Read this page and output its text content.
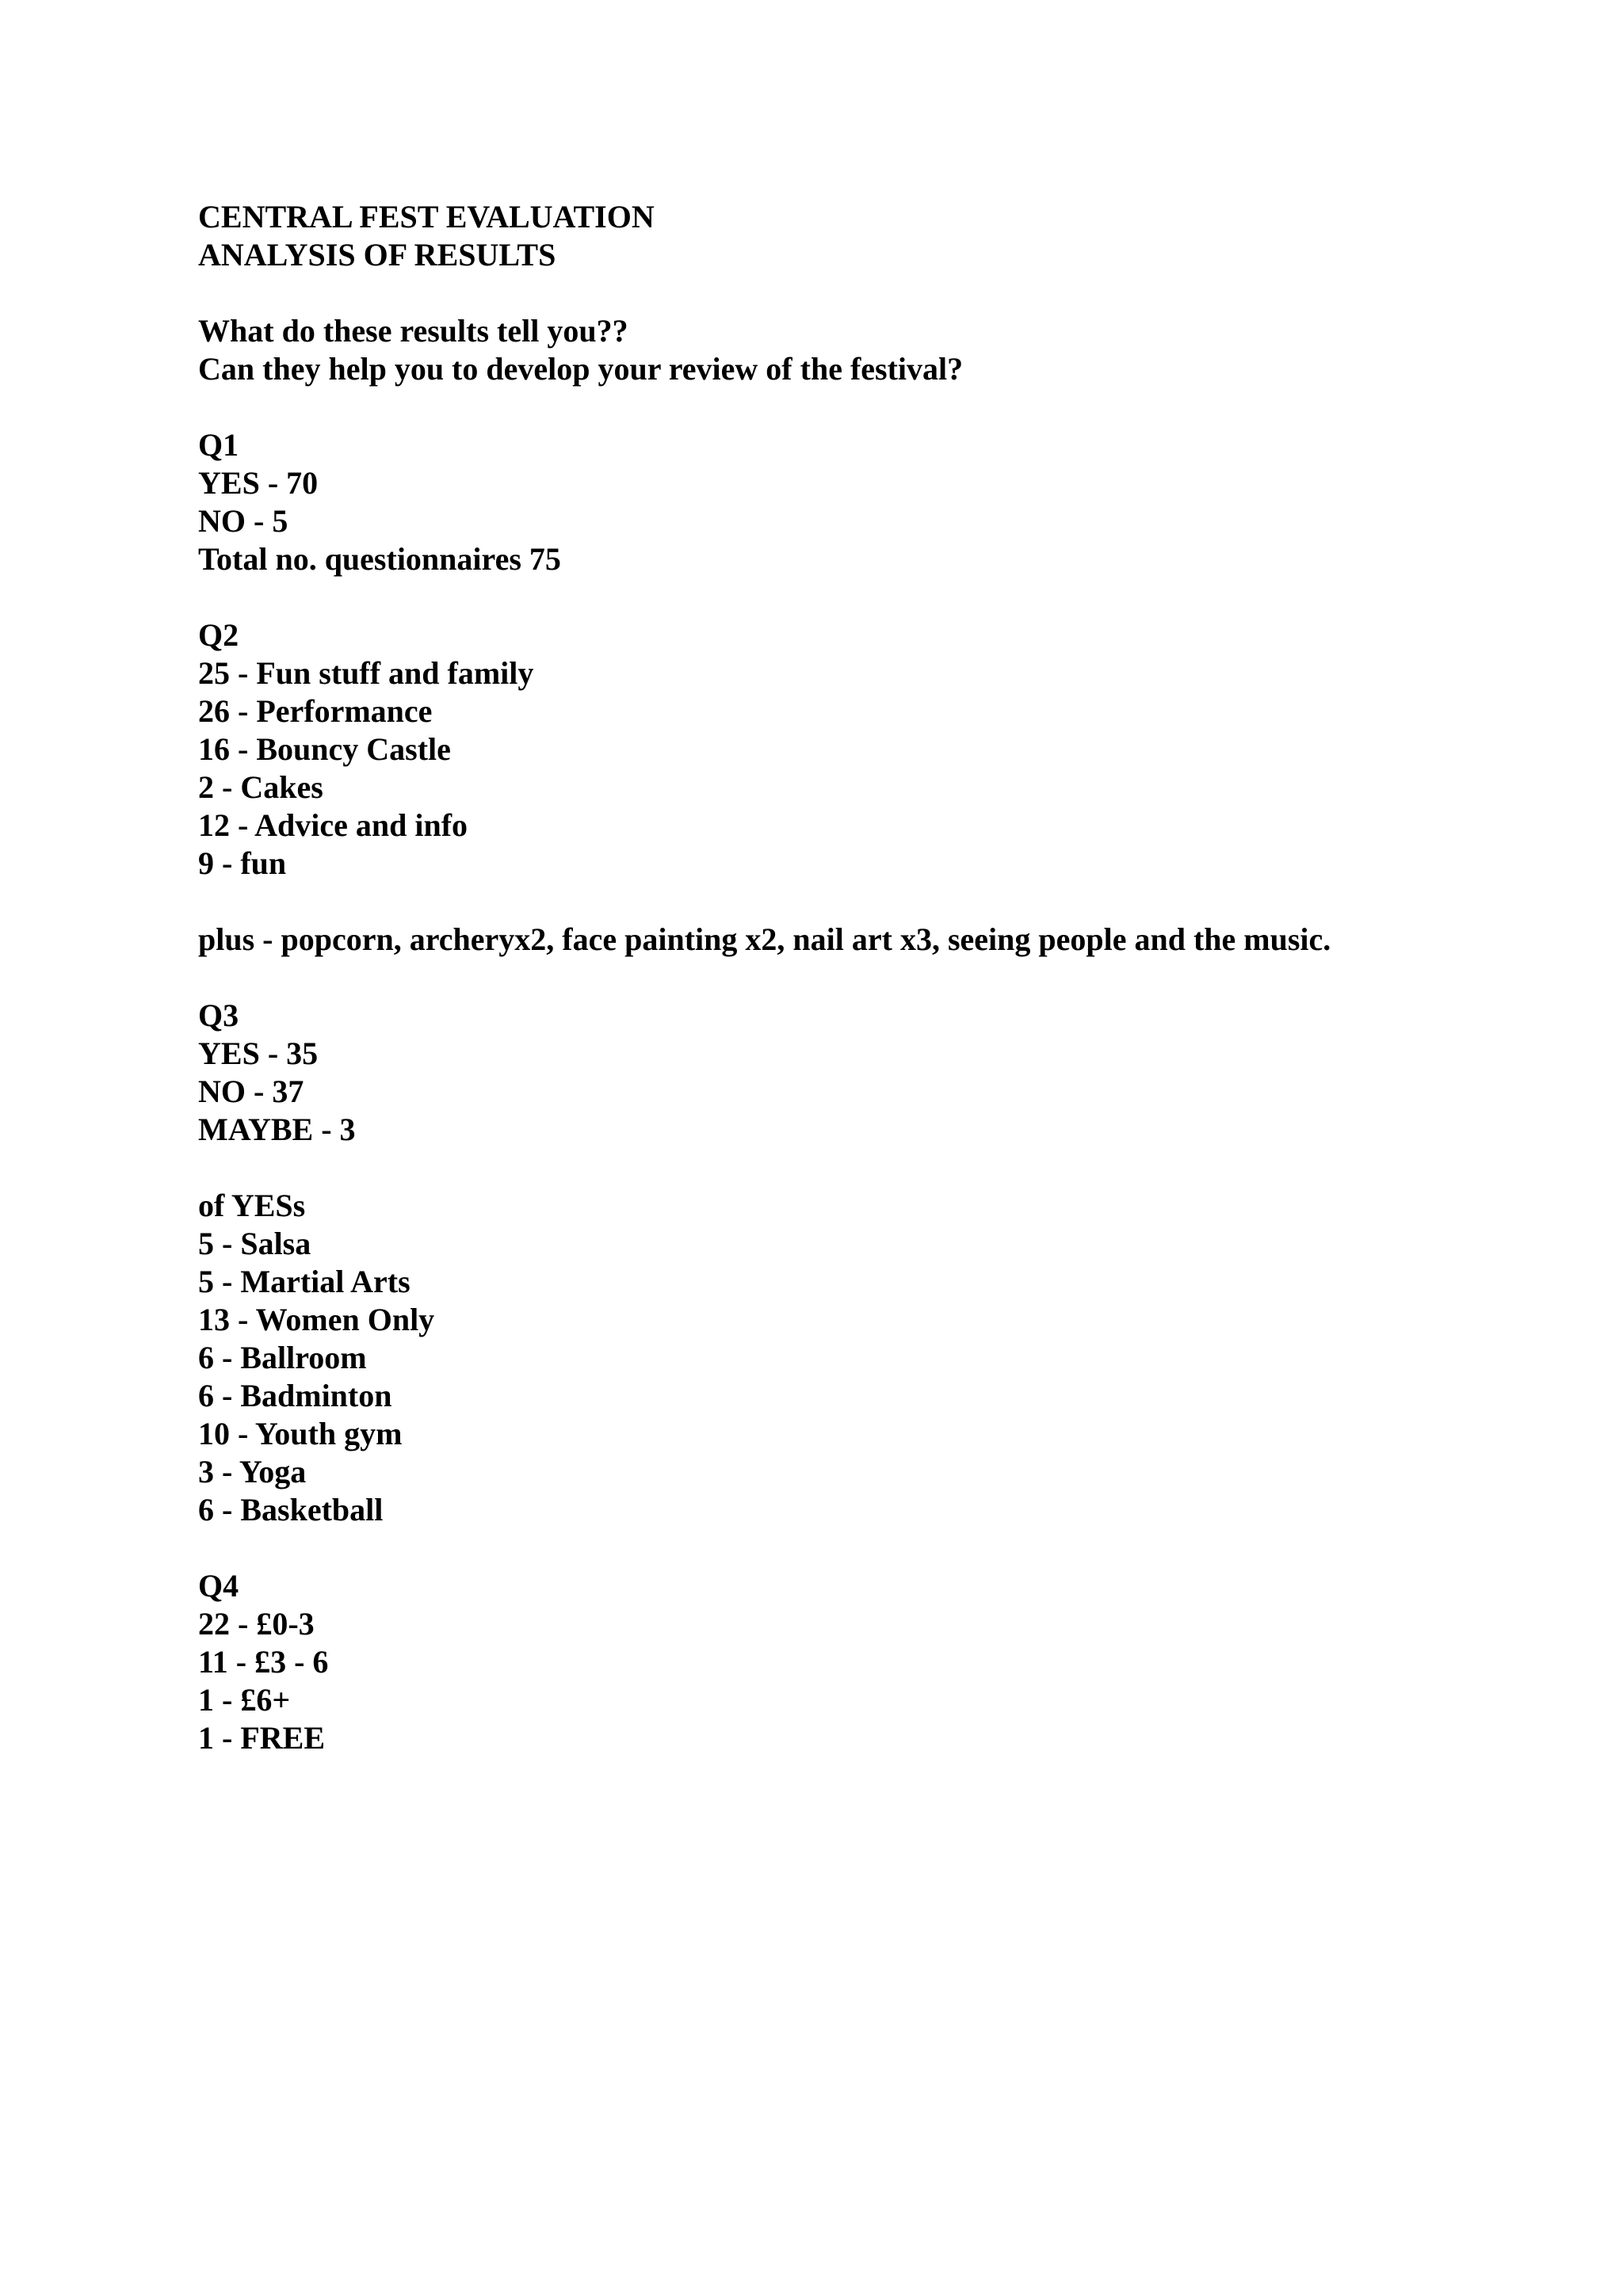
CENTRAL FEST EVALUATION
ANALYSIS OF RESULTS
What do these results tell you??
Can they help you to develop your review of the festival?
Q1
YES - 70
NO - 5
Total no. questionnaires 75
Q2
25 - Fun stuff and family
26 - Performance
16 - Bouncy Castle
2 - Cakes
12 - Advice and info
9 - fun
plus - popcorn, archeryx2, face painting x2, nail art x3, seeing people and the music.
Q3
YES - 35
NO - 37
MAYBE - 3
of YESs
5 - Salsa
5 - Martial Arts
13 - Women Only
6 - Ballroom
6 - Badminton
10 - Youth gym
3 - Yoga
6 - Basketball
Q4
22 - £0-3
11 - £3 - 6
1 - £6+
1 - FREE
